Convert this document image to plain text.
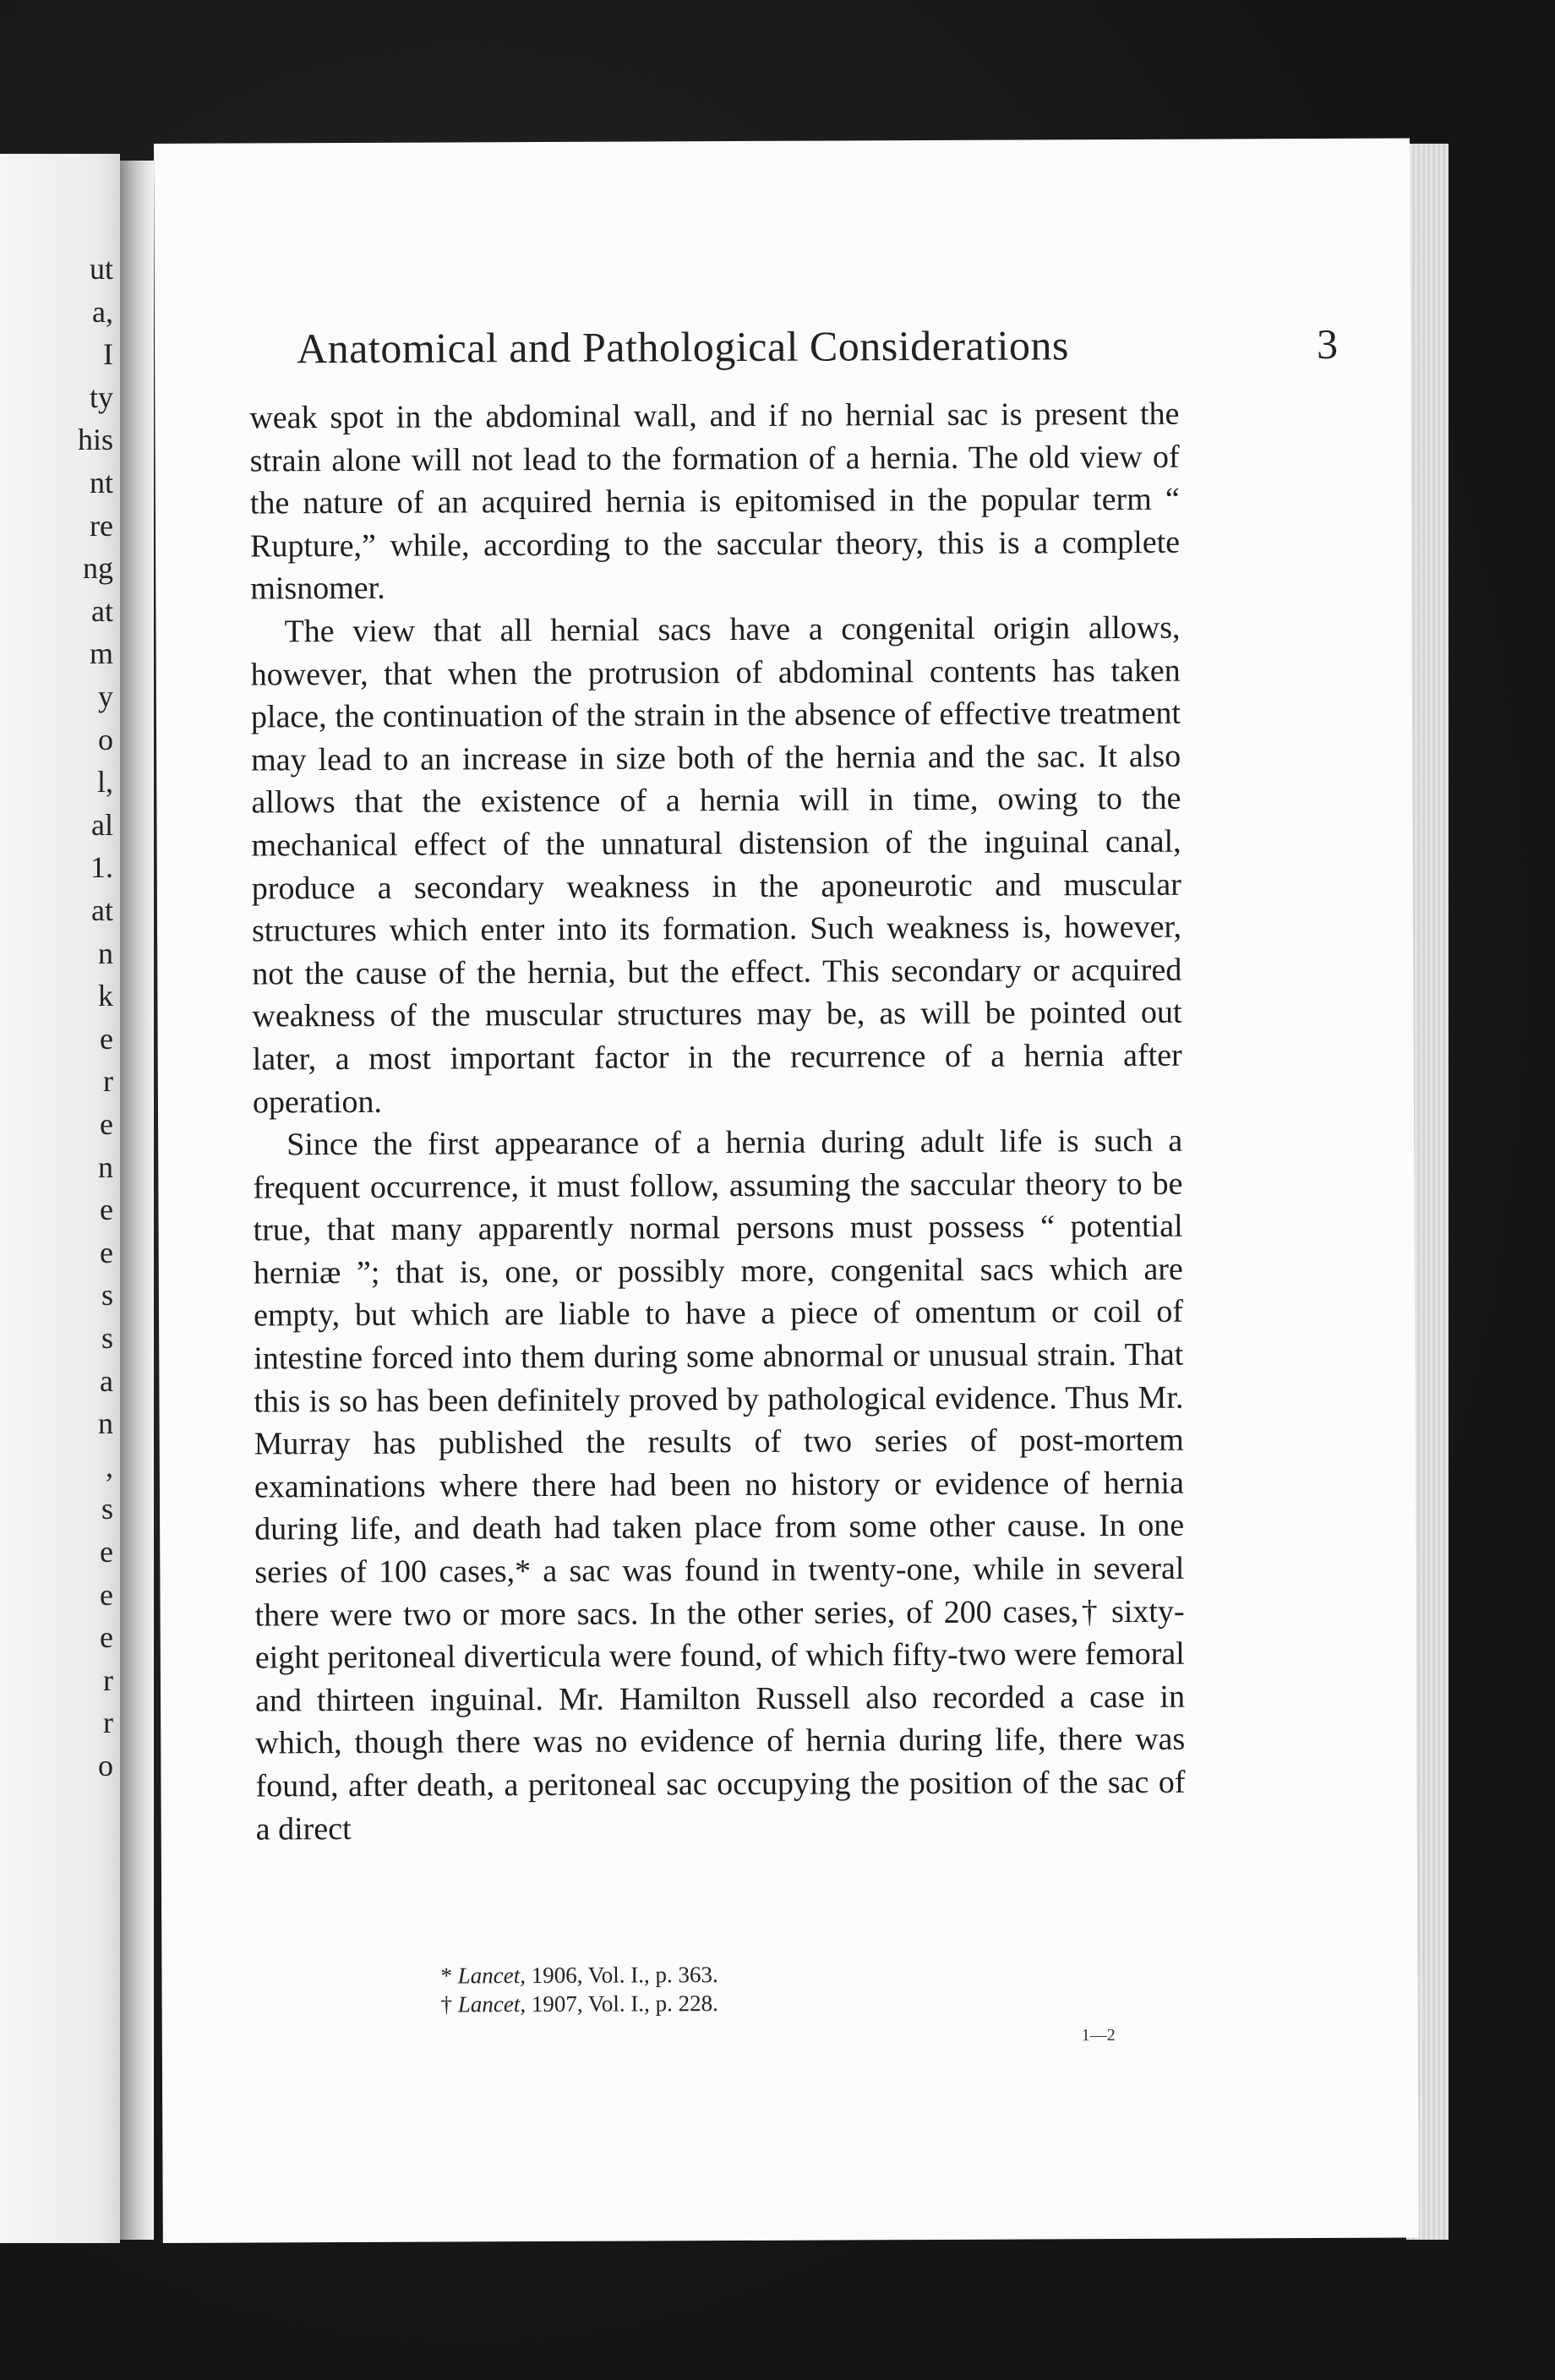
ut
a,
I
ty
his
nt
re
ng
at
m
y
o
l,
al
1.
at
n
k
e
r
e
n
e
e
s
s
a
n
,
s
e
e
e
r
r
o
Anatomical and Pathological Considerations	3

weak spot in the abdominal wall, and if no hernial sac is present the strain alone will not lead to the formation of a hernia. The old view of the nature of an acquired hernia is epitomised in the popular term “ Rupture,” while, according to the saccular theory, this is a complete misnomer.

The view that all hernial sacs have a congenital origin allows, however, that when the protrusion of abdominal contents has taken place, the continuation of the strain in the absence of effective treatment may lead to an increase in size both of the hernia and the sac. It also allows that the existence of a hernia will in time, owing to the mechanical effect of the unnatural distension of the inguinal canal, produce a secondary weakness in the aponeurotic and muscular structures which enter into its formation. Such weakness is, however, not the cause of the hernia, but the effect. This secondary or acquired weakness of the muscular structures may be, as will be pointed out later, a most important factor in the recurrence of a hernia after operation.

Since the first appearance of a hernia during adult life is such a frequent occurrence, it must follow, assuming the saccular theory to be true, that many apparently normal persons must possess “ potential herniæ ”; that is, one, or possibly more, congenital sacs which are empty, but which are liable to have a piece of omentum or coil of intestine forced into them during some abnormal or unusual strain. That this is so has been definitely proved by pathological evidence. Thus Mr. Murray has published the results of two series of post-mortem examinations where there had been no history or evidence of hernia during life, and death had taken place from some other cause. In one series of 100 cases,* a sac was found in twenty-one, while in several there were two or more sacs. In the other series, of 200 cases,† sixty-eight peritoneal diverticula were found, of which fifty-two were femoral and thirteen inguinal. Mr. Hamilton Russell also recorded a case in which, though there was no evidence of hernia during life, there was found, after death, a peritoneal sac occupying the position of the sac of a direct

* Lancet, 1906, Vol. I., p. 363.
† Lancet, 1907, Vol. I., p. 228.
1—2
